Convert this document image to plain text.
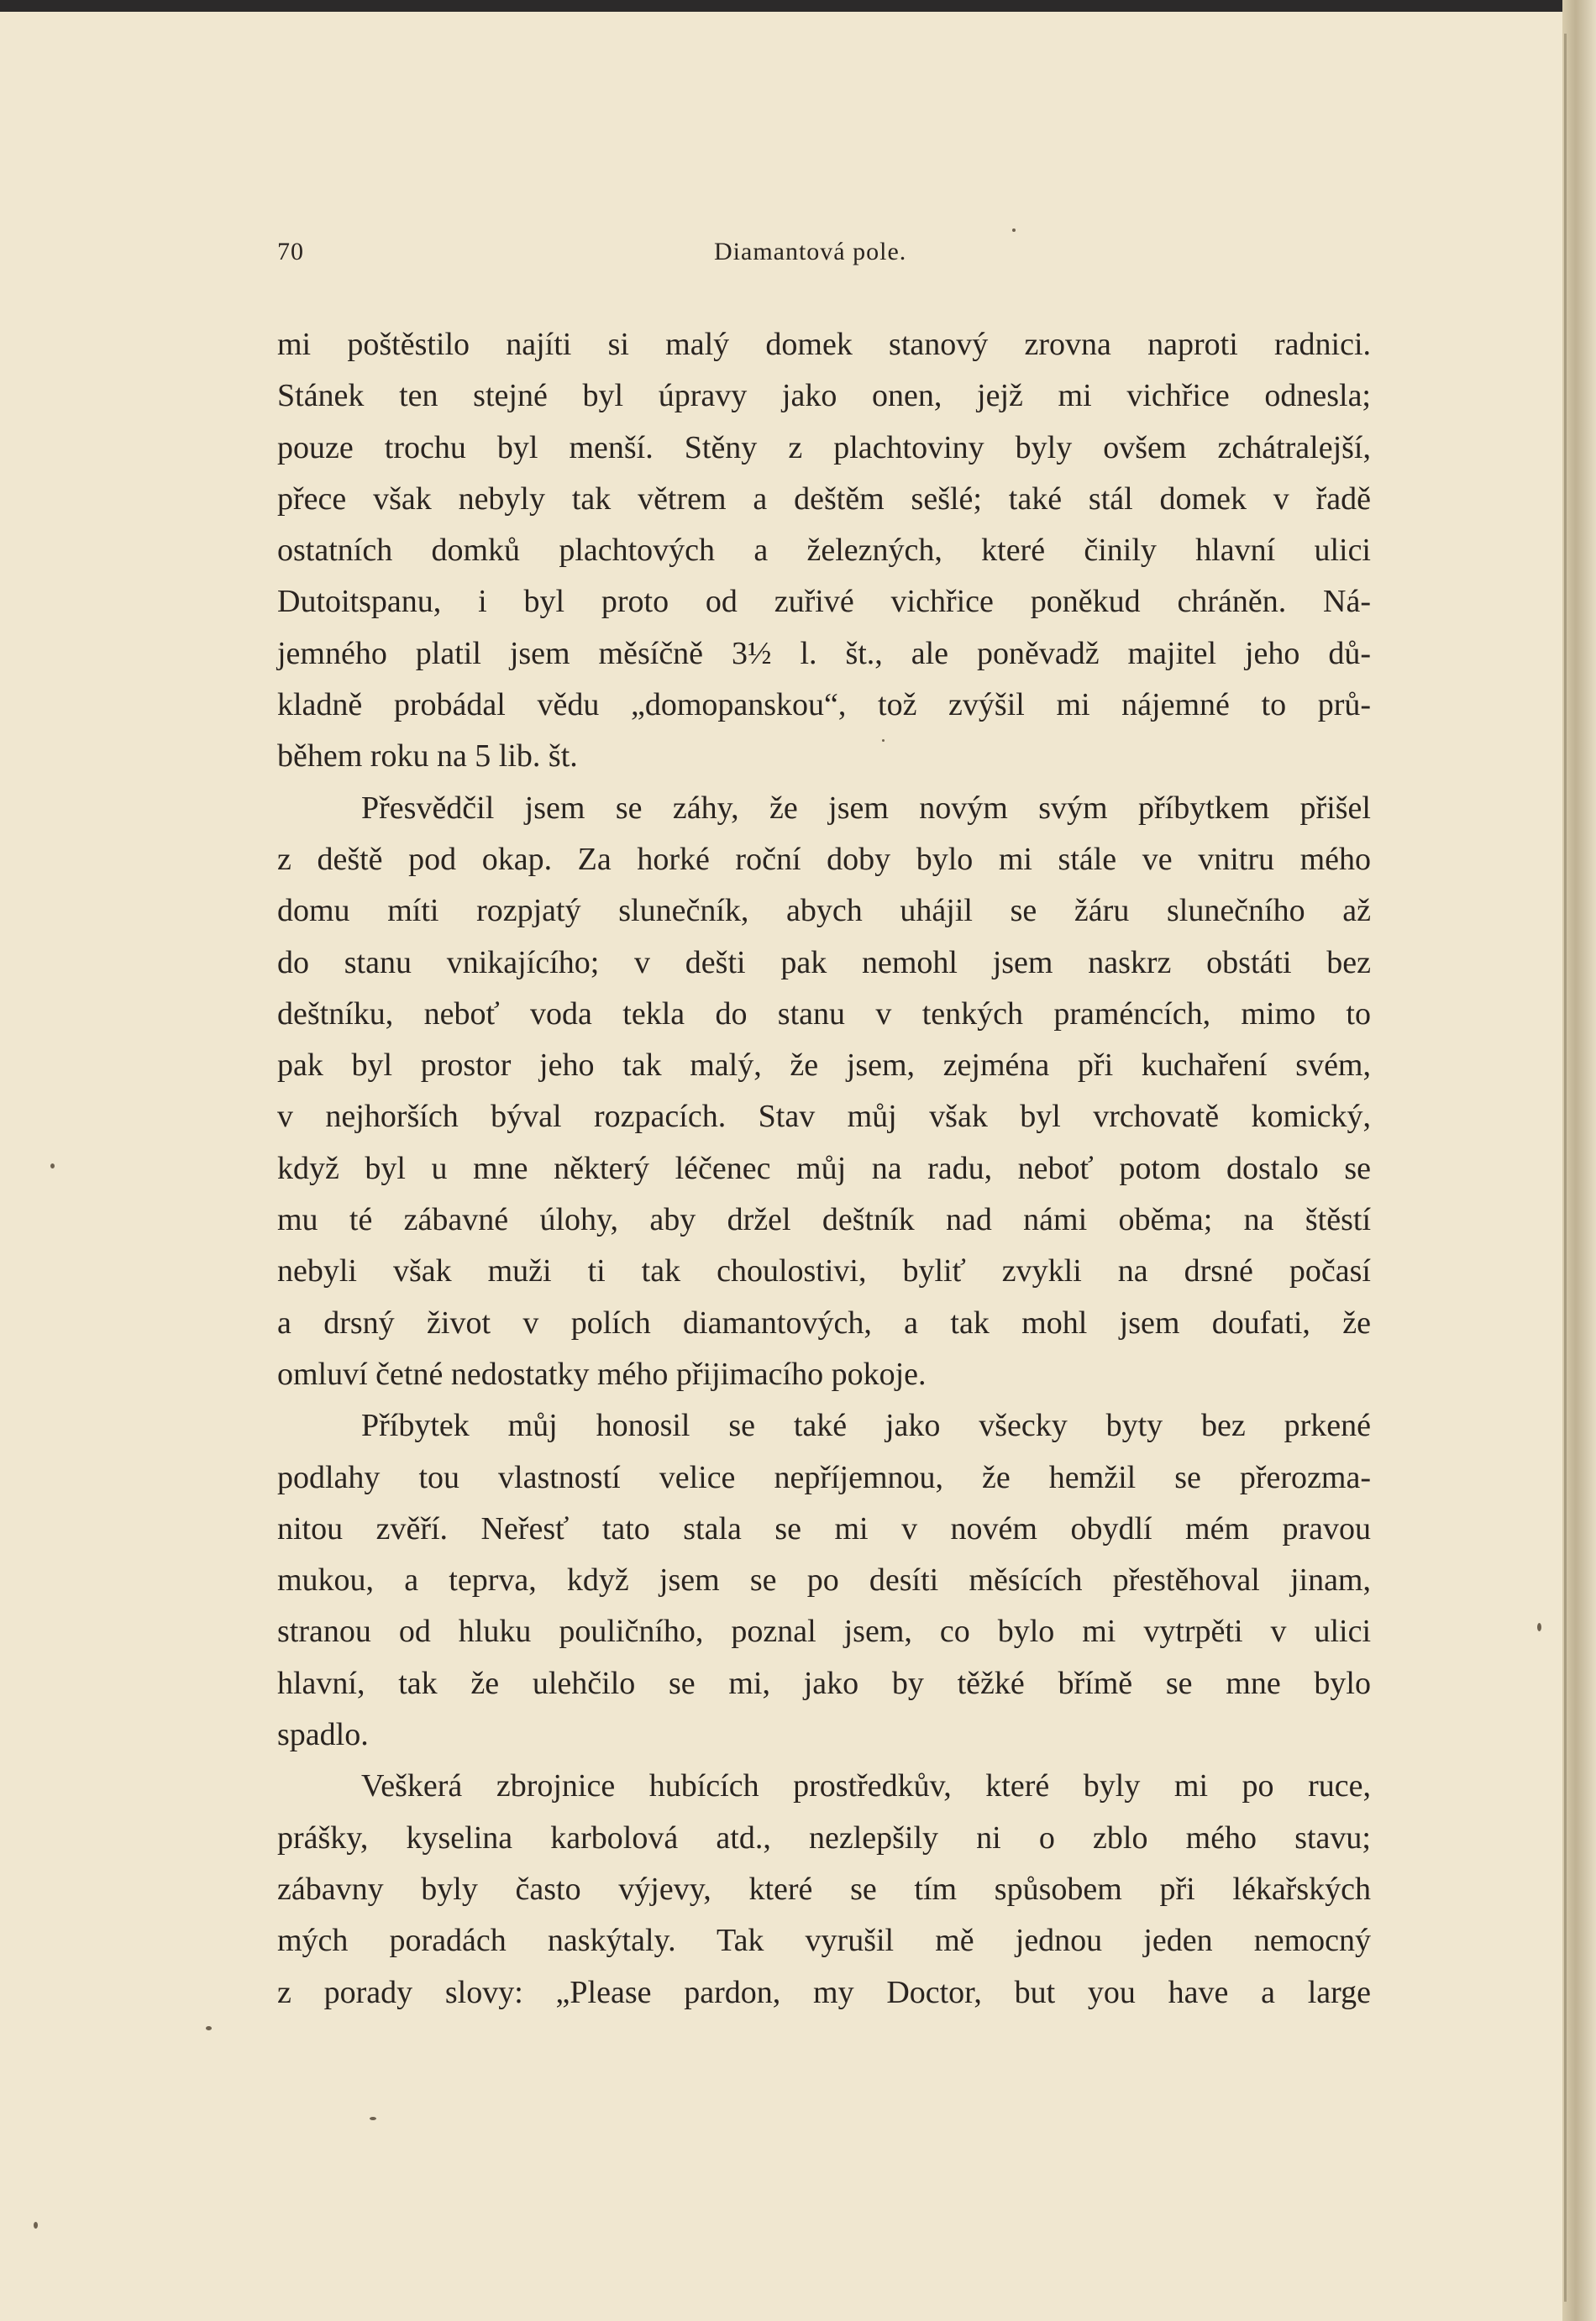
70	Diamantová pole.
mi poštěstilo najíti si malý domek stanový zrovna naproti radnici.
Stánek ten stejné byl úpravy jako onen, jejž mi vichřice odnesla;
pouze trochu byl menší. Stěny z plachtoviny byly ovšem zchátralejší,
přece však nebyly tak větrem a deštěm sešlé; také stál domek v řadě
ostatních domků plachtových a železných, které činily hlavní ulici
Dutoitspanu, i byl proto od zuřivé vichřice poněkud chráněn. Ná-
jemného platil jsem měsíčně 3½ l. št., ale poněvadž majitel jeho dů-
kladně probádal vědu „domopanskou“, tož zvýšil mi nájemné to prů-
během roku na 5 lib. št.
Přesvědčil jsem se záhy, že jsem novým svým příbytkem přišel
z deště pod okap. Za horké roční doby bylo mi stále ve vnitru mého
domu míti rozpjatý slunečník, abych uhájil se žáru slunečního až
do stanu vnikajícího; v dešti pak nemohl jsem naskrz obstáti bez
deštníku, neboť voda tekla do stanu v tenkých praméncích, mimo to
pak byl prostor jeho tak malý, že jsem, zejména při kuchaření svém,
v nejhorších býval rozpacích. Stav můj však byl vrchovatě komický,
když byl u mne některý léčenec můj na radu, neboť potom dostalo se
mu té zábavné úlohy, aby držel deštník nad námi oběma; na štěstí
nebyli však muži ti tak choulostivi, byliť zvykli na drsné počasí
a drsný život v polích diamantových, a tak mohl jsem doufati, že
omluví četné nedostatky mého přijimacího pokoje.
Příbytek můj honosil se také jako všecky byty bez prkené
podlahy tou vlastností velice nepříjemnou, že hemžil se přerozma-
nitou zvěří. Neřesť tato stala se mi v novém obydlí mém pravou
mukou, a teprva, když jsem se po desíti měsících přestěhoval jinam,
stranou od hluku pouličního, poznal jsem, co bylo mi vytrpěti v ulici
hlavní, tak že ulehčilo se mi, jako by těžké břímě se mne bylo
spadlo.
Veškerá zbrojnice hubících prostředkův, které byly mi po ruce,
prášky, kyselina karbolová atd., nezlepšily ni o zblo mého stavu;
zábavny byly často výjevy, které se tím spůsobem při lékařských
mých poradách naskýtaly. Tak vyrušil mě jednou jeden nemocný
z porady slovy: „Please pardon, my Doctor, but you have a large
